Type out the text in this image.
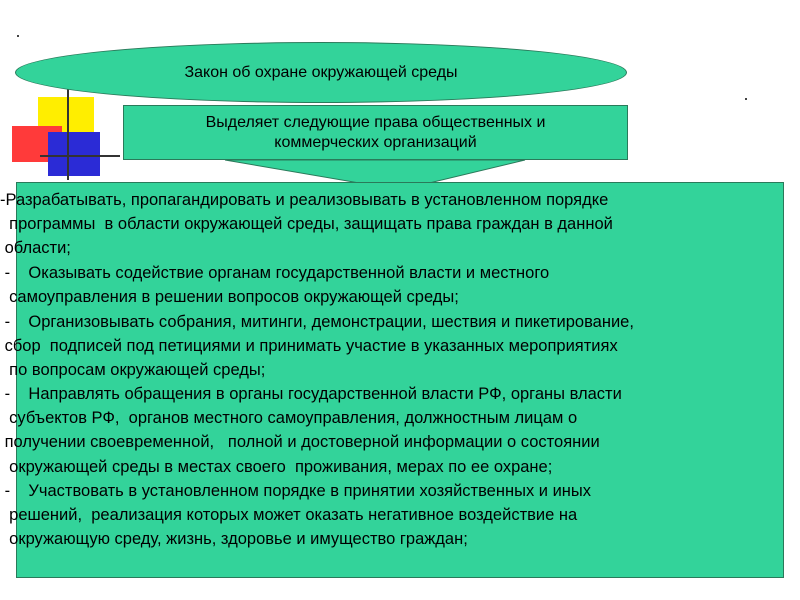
Закон об охране окружающей среды
Выделяет следующие права общественных и
коммерческих организаций
-Разрабатывать, пропагандировать и реализовывать в установленном порядке
программы  в области окружающей среды, защищать права граждан в данной
области;
-    Оказывать содействие органам государственной власти и местного
самоуправления в решении вопросов окружающей среды;
-    Организовывать собрания, митинги, демонстрации, шествия и пикетирование,
сбор  подписей под петициями и принимать участие в указанных мероприятиях
по вопросам окружающей среды;
-    Направлять обращения в органы государственной власти РФ, органы власти
субъектов РФ,  органов местного самоуправления, должностным лицам о
получении своевременной,   полной и достоверной информации о состоянии
окружающей среды в местах своего  проживания, мерах по ее охране;
-    Участвовать в установленном порядке в принятии хозяйственных и иных
решений,  реализация которых может оказать негативное воздействие на
окружающую среду, жизнь, здоровье и имущество граждан;
